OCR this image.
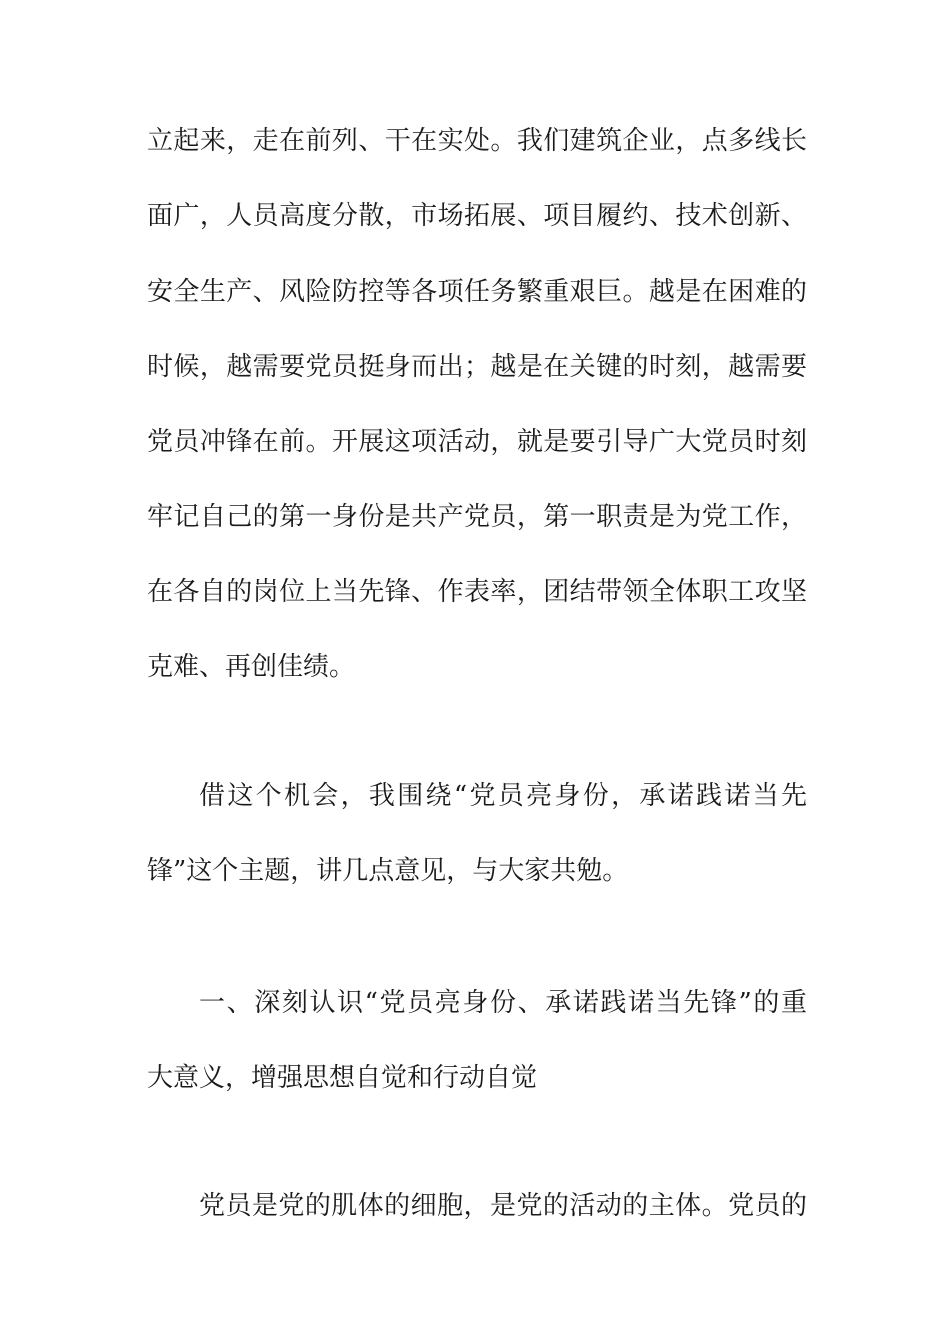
立起来，走在前列、干在实处。我们建筑企业，点多线长
面广，人员高度分散，市场拓展、项目履约、技术创新、
安全生产、风险防控等各项任务繁重艰巨。越是在困难的
时候，越需要党员挺身而出；越是在关键的时刻，越需要
党员冲锋在前。开展这项活动，就是要引导广大党员时刻
牢记自己的第一身份是共产党员，第一职责是为党工作，
在各自的岗位上当先锋、作表率，团结带领全体职工攻坚
克难、再创佳绩。
借这个机会，我围绕“党员亮身份，承诺践诺当先
锋”这个主题，讲几点意见，与大家共勉。
一、深刻认识“党员亮身份、承诺践诺当先锋”的重
大意义，增强思想自觉和行动自觉
党员是党的肌体的细胞，是党的活动的主体。党员的
